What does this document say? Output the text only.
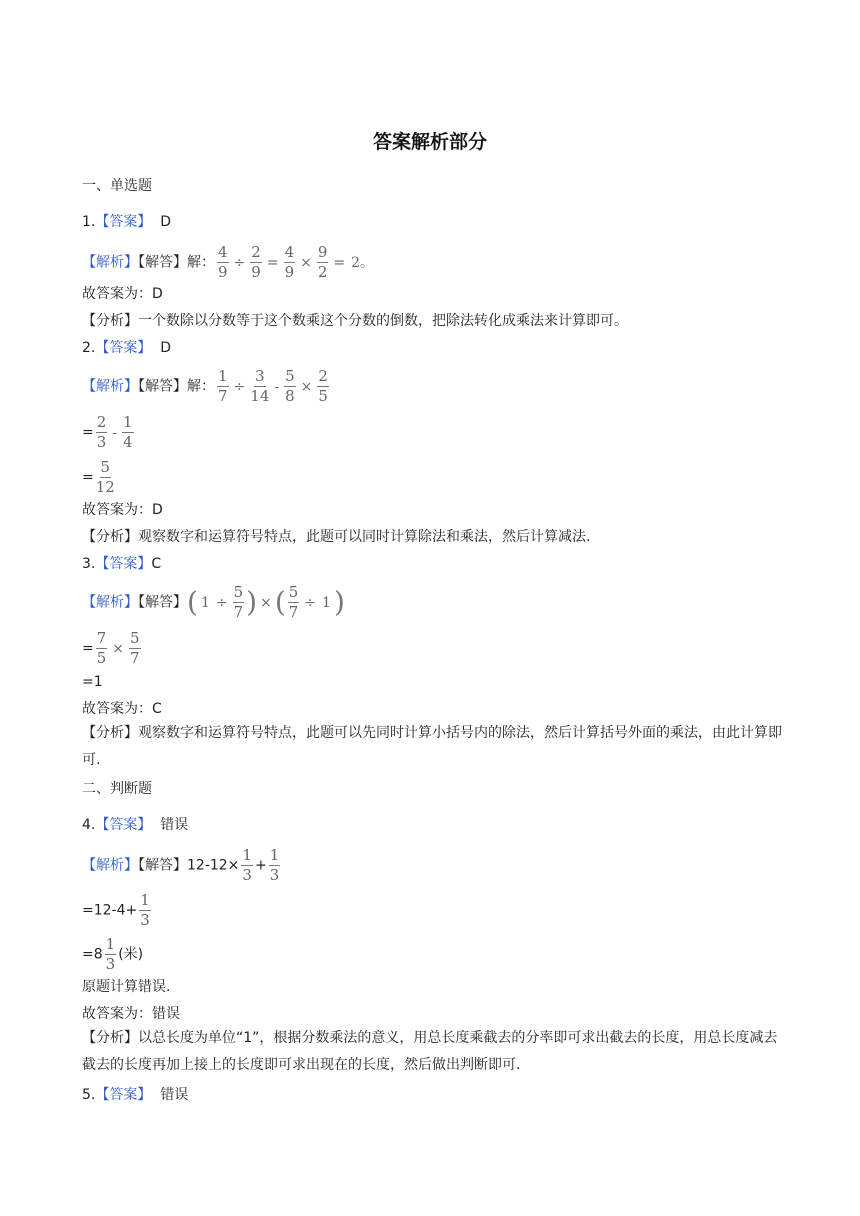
答案解析部分
一、单选题
1.【答案】 D
【解析】【解答】解： $\frac{4}{9} \div \frac{2}{9} = \frac{4}{9} \times \frac{9}{2} = 2$。
故答案为：D
【分析】一个数除以分数等于这个数乘这个分数的倒数，把除法转化成乘法来计算即可。
2.【答案】 D
【解析】【解答】解： $\frac{1}{7} \div \frac{3}{14} - \frac{5}{8} \times \frac{2}{5}$
= $\frac{2}{3} - \frac{1}{4}$
= $\frac{5}{12}$
故答案为：D
【分析】观察数字和运算符号特点，此题可以同时计算除法和乘法，然后计算减法.
3.【答案】C
【解析】【解答】( $1 \div \frac{5}{7}$ ) × ( $\frac{5}{7} \div 1$ )
= $\frac{7}{5} \times \frac{5}{7}$
=1
故答案为：C
【分析】观察数字和运算符号特点，此题可以先同时计算小括号内的除法，然后计算括号外面的乘法，由此计算即可.
二、判断题
4.【答案】 错误
【解析】【解答】$12-12\times \frac{1}{3} + \frac{1}{3}$
$=12-4+ \frac{1}{3}$
$=8 \frac{1}{3}$ (米)
原题计算错误.
故答案为：错误
【分析】以总长度为单位“1”，根据分数乘法的意义，用总长度乘截去的分率即可求出截去的长度，用总长度减去截去的长度再加上接上的长度即可求出现在的长度，然后做出判断即可.
5.【答案】 错误
